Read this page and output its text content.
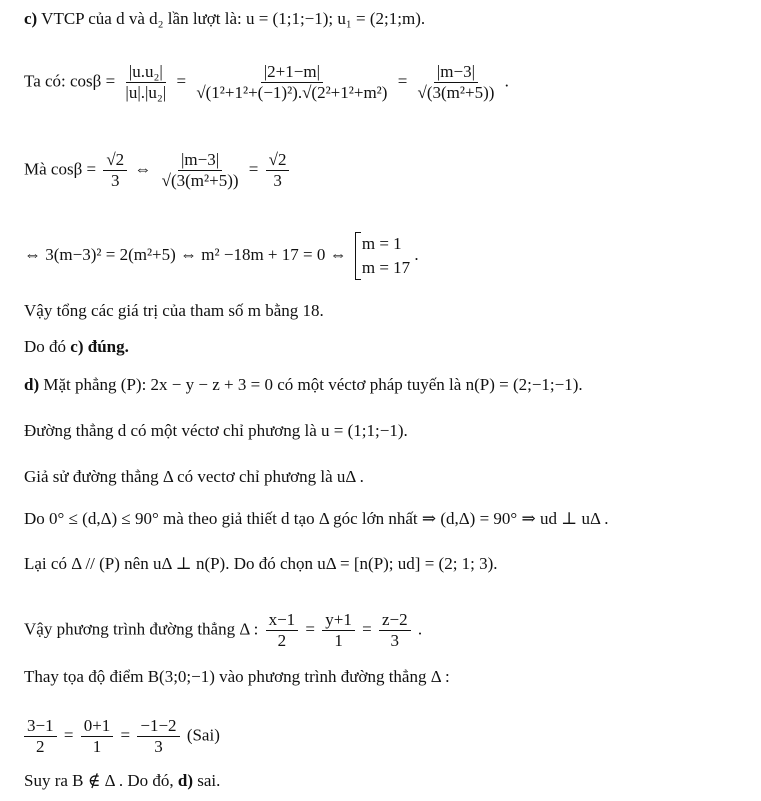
c) VTCP của d và d₂ lần lượt là: u = (1;1;−1); u₁ = (2;1;m).
Ta có: $\cos\beta = \frac{\text{|u.u₂|}}{\text{|u|.|u₂|}} = \frac{|2+1-m|}{\text{√(1²+1²+(−1)²).√(2²+1²+m²)}} = \frac{|m-3|}{\text{√(3(m²+5))}}$ .
Mà $\cos\beta = \frac{√2}{3}$ ⇔ $\frac{|m-3|}{\text{√(3(m²+5))}} = \frac{√2}{3}$
⇔ 3(m−3)² = 2(m²+5) ⇔ m² −18m + 17 = 0 ⇔
m = 1
m = 17
.
Vậy tổng các giá trị của tham số m bằng 18.
Do đó c) đúng.
d) Mặt phẳng (P): 2x − y − z + 3 = 0 có một véctơ pháp tuyến là n(P) = (2;−1;−1).
Đường thẳng d có một véctơ chỉ phương là u = (1;1;−1).
Giả sử đường thẳng Δ có vectơ chỉ phương là uΔ .
Do 0° ≤ (d,Δ) ≤ 90° mà theo giả thiết d tạo Δ góc lớn nhất ⇒ (d,Δ) = 90° ⇒ ud ⊥ uΔ .
Lại có Δ // (P) nên uΔ ⊥ n(P). Do đó chọn uΔ = [n(P); ud] = (2; 1; 3).
Vậy phương trình đường thẳng Δ : $\frac{x-1}{2} = \frac{y+1}{1} = \frac{z-2}{3}$ .
Thay tọa độ điểm B(3;0;−1) vào phương trình đường thẳng Δ :
$\frac{3-1}{2} = \frac{0+1}{1} = \frac{-1-2}{3} (Sai)$
Suy ra B ∉ Δ . Do đó, d) sai.
